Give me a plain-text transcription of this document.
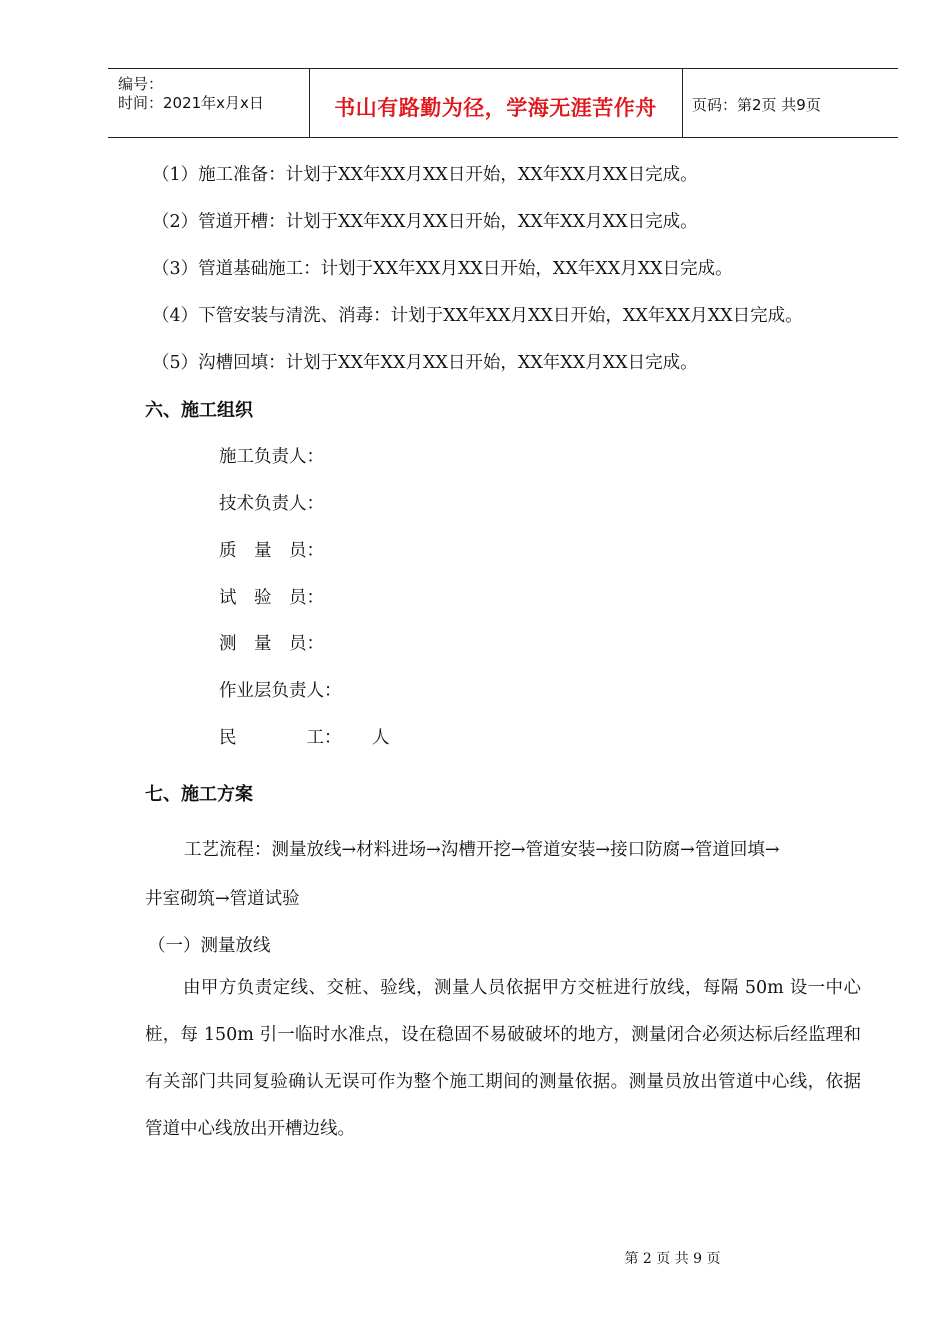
编号：
时间：2021年x月x日	书山有路勤为径，学海无涯苦作舟	页码：第2页 共9页
（1）施工准备：计划于XX年XX月XX日开始，XX年XX月XX日完成。
（2）管道开槽：计划于XX年XX月XX日开始，XX年XX月XX日完成。
（3）管道基础施工：计划于XX年XX月XX日开始，XX年XX月XX日完成。
（4）下管安装与清洗、消毒：计划于XX年XX月XX日开始，XX年XX月XX日完成。
（5）沟槽回填：计划于XX年XX月XX日开始，XX年XX月XX日完成。
六、施工组织
施工负责人：
技术负责人：
质　量　员：
试　验　员：
测　量　员：
作业层负责人：
民　　　　工： 人
七、施工方案
工艺流程：测量放线→材料进场→沟槽开挖→管道安装→接口防腐→管道回填→
井室砌筑→管道试验
（一）测量放线
由甲方负责定线、交桩、验线，测量人员依据甲方交桩进行放线，每隔 50m 设一中心桩，每 150m 引一临时水准点，设在稳固不易破破坏的地方，测量闭合必须达标后经监理和有关部门共同复验确认无误可作为整个施工期间的测量依据。测量员放出管道中心线，依据管道中心线放出开槽边线。
第 2 页 共 9 页
